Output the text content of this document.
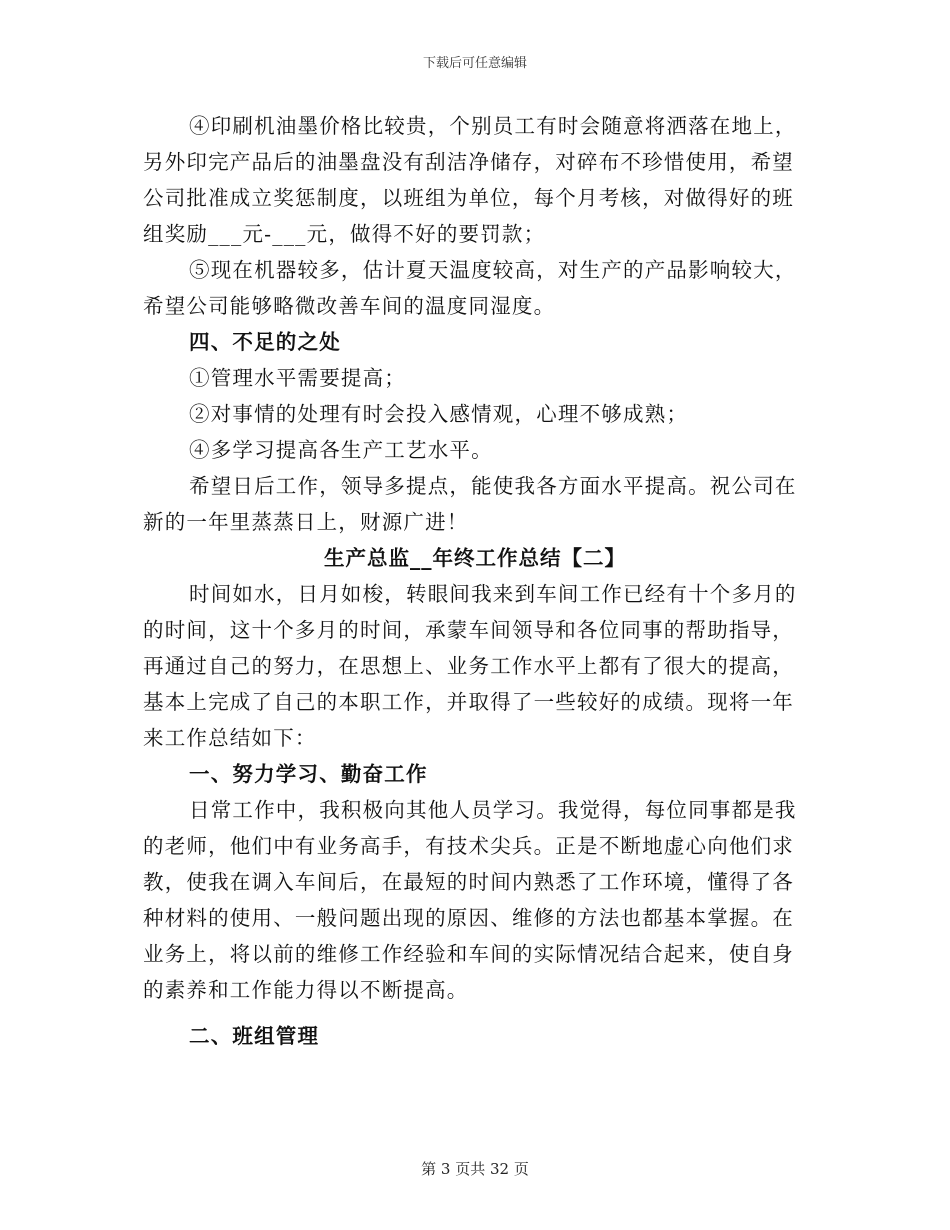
下载后可任意编辑
④印刷机油墨价格比较贵，个别员工有时会随意将洒落在地上，
另外印完产品后的油墨盘没有刮洁净储存，对碎布不珍惜使用，希望
公司批准成立奖惩制度，以班组为单位，每个月考核，对做得好的班
组奖励___元-___元，做得不好的要罚款；
⑤现在机器较多，估计夏天温度较高，对生产的产品影响较大，
希望公司能够略微改善车间的温度同湿度。
四、不足的之处
①管理水平需要提高；
②对事情的处理有时会投入感情观，心理不够成熟；
④多学习提高各生产工艺水平。
希望日后工作，领导多提点，能使我各方面水平提高。祝公司在
新的一年里蒸蒸日上，财源广进！
生产总监__年终工作总结【二】
时间如水，日月如梭，转眼间我来到车间工作已经有十个多月的
的时间，这十个多月的时间，承蒙车间领导和各位同事的帮助指导，
再通过自己的努力，在思想上、业务工作水平上都有了很大的提高，
基本上完成了自己的本职工作，并取得了一些较好的成绩。现将一年
来工作总结如下：
一、努力学习、勤奋工作
日常工作中，我积极向其他人员学习。我觉得，每位同事都是我
的老师，他们中有业务高手，有技术尖兵。正是不断地虚心向他们求
教，使我在调入车间后，在最短的时间内熟悉了工作环境，懂得了各
种材料的使用、一般问题出现的原因、维修的方法也都基本掌握。在
业务上，将以前的维修工作经验和车间的实际情况结合起来，使自身
的素养和工作能力得以不断提高。
二、班组管理
第 3 页共 32 页
